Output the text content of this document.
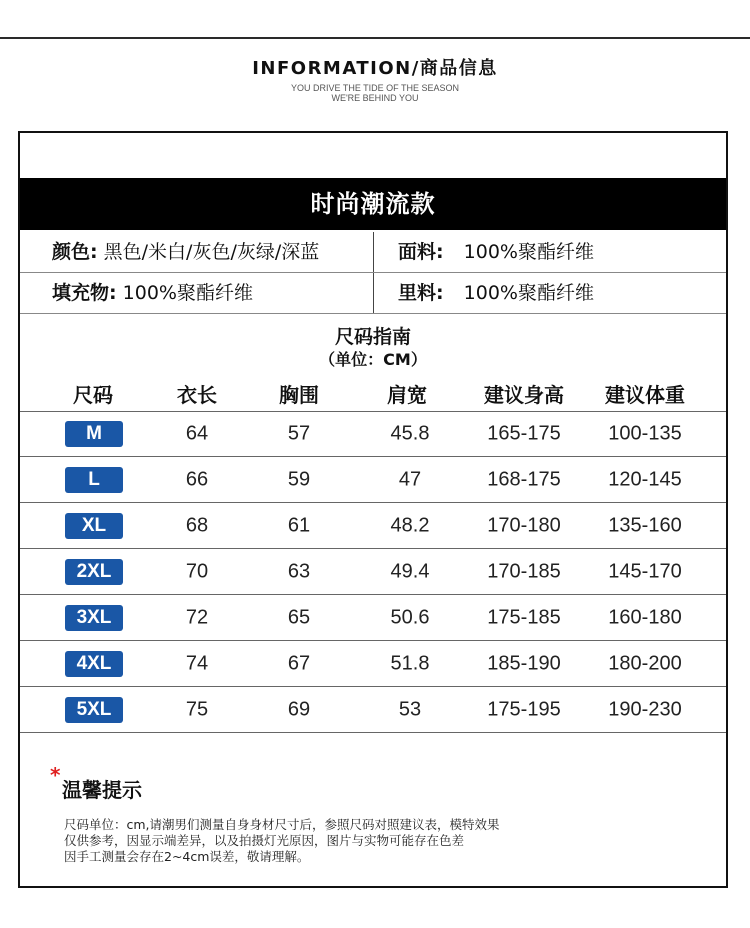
INFORMATION/商品信息
YOU DRIVE THE TIDE OF THE SEASON
WE'RE BEHIND YOU
时尚潮流款
颜色: 黑色/米白/灰色/灰绿/深蓝	面料: 100%聚酯纤维
填充物: 100%聚酯纤维	里料: 100%聚酯纤维
尺码指南
（单位：CM）
尺码	衣长	胸围	肩宽	建议身高 建议体重
M	64	57	45.8	165-175 100-135
L	66	59	47	168-175 120-145
XL	68	61	48.2	170-180 135-160
2XL	70	63	49.4	170-185 145-170
3XL	72	65	50.6	175-185 160-180
4XL	74	67	51.8	185-190 180-200
5XL	75	69	53	175-195 190-230
*
温馨提示
尺码单位：cm,请潮男们测量自身身材尺寸后，参照尺码对照建议表，模特效果
仅供参考，因显示端差异，以及拍摄灯光原因，图片与实物可能存在色差
因手工测量会存在2~4cm误差，敬请理解。
